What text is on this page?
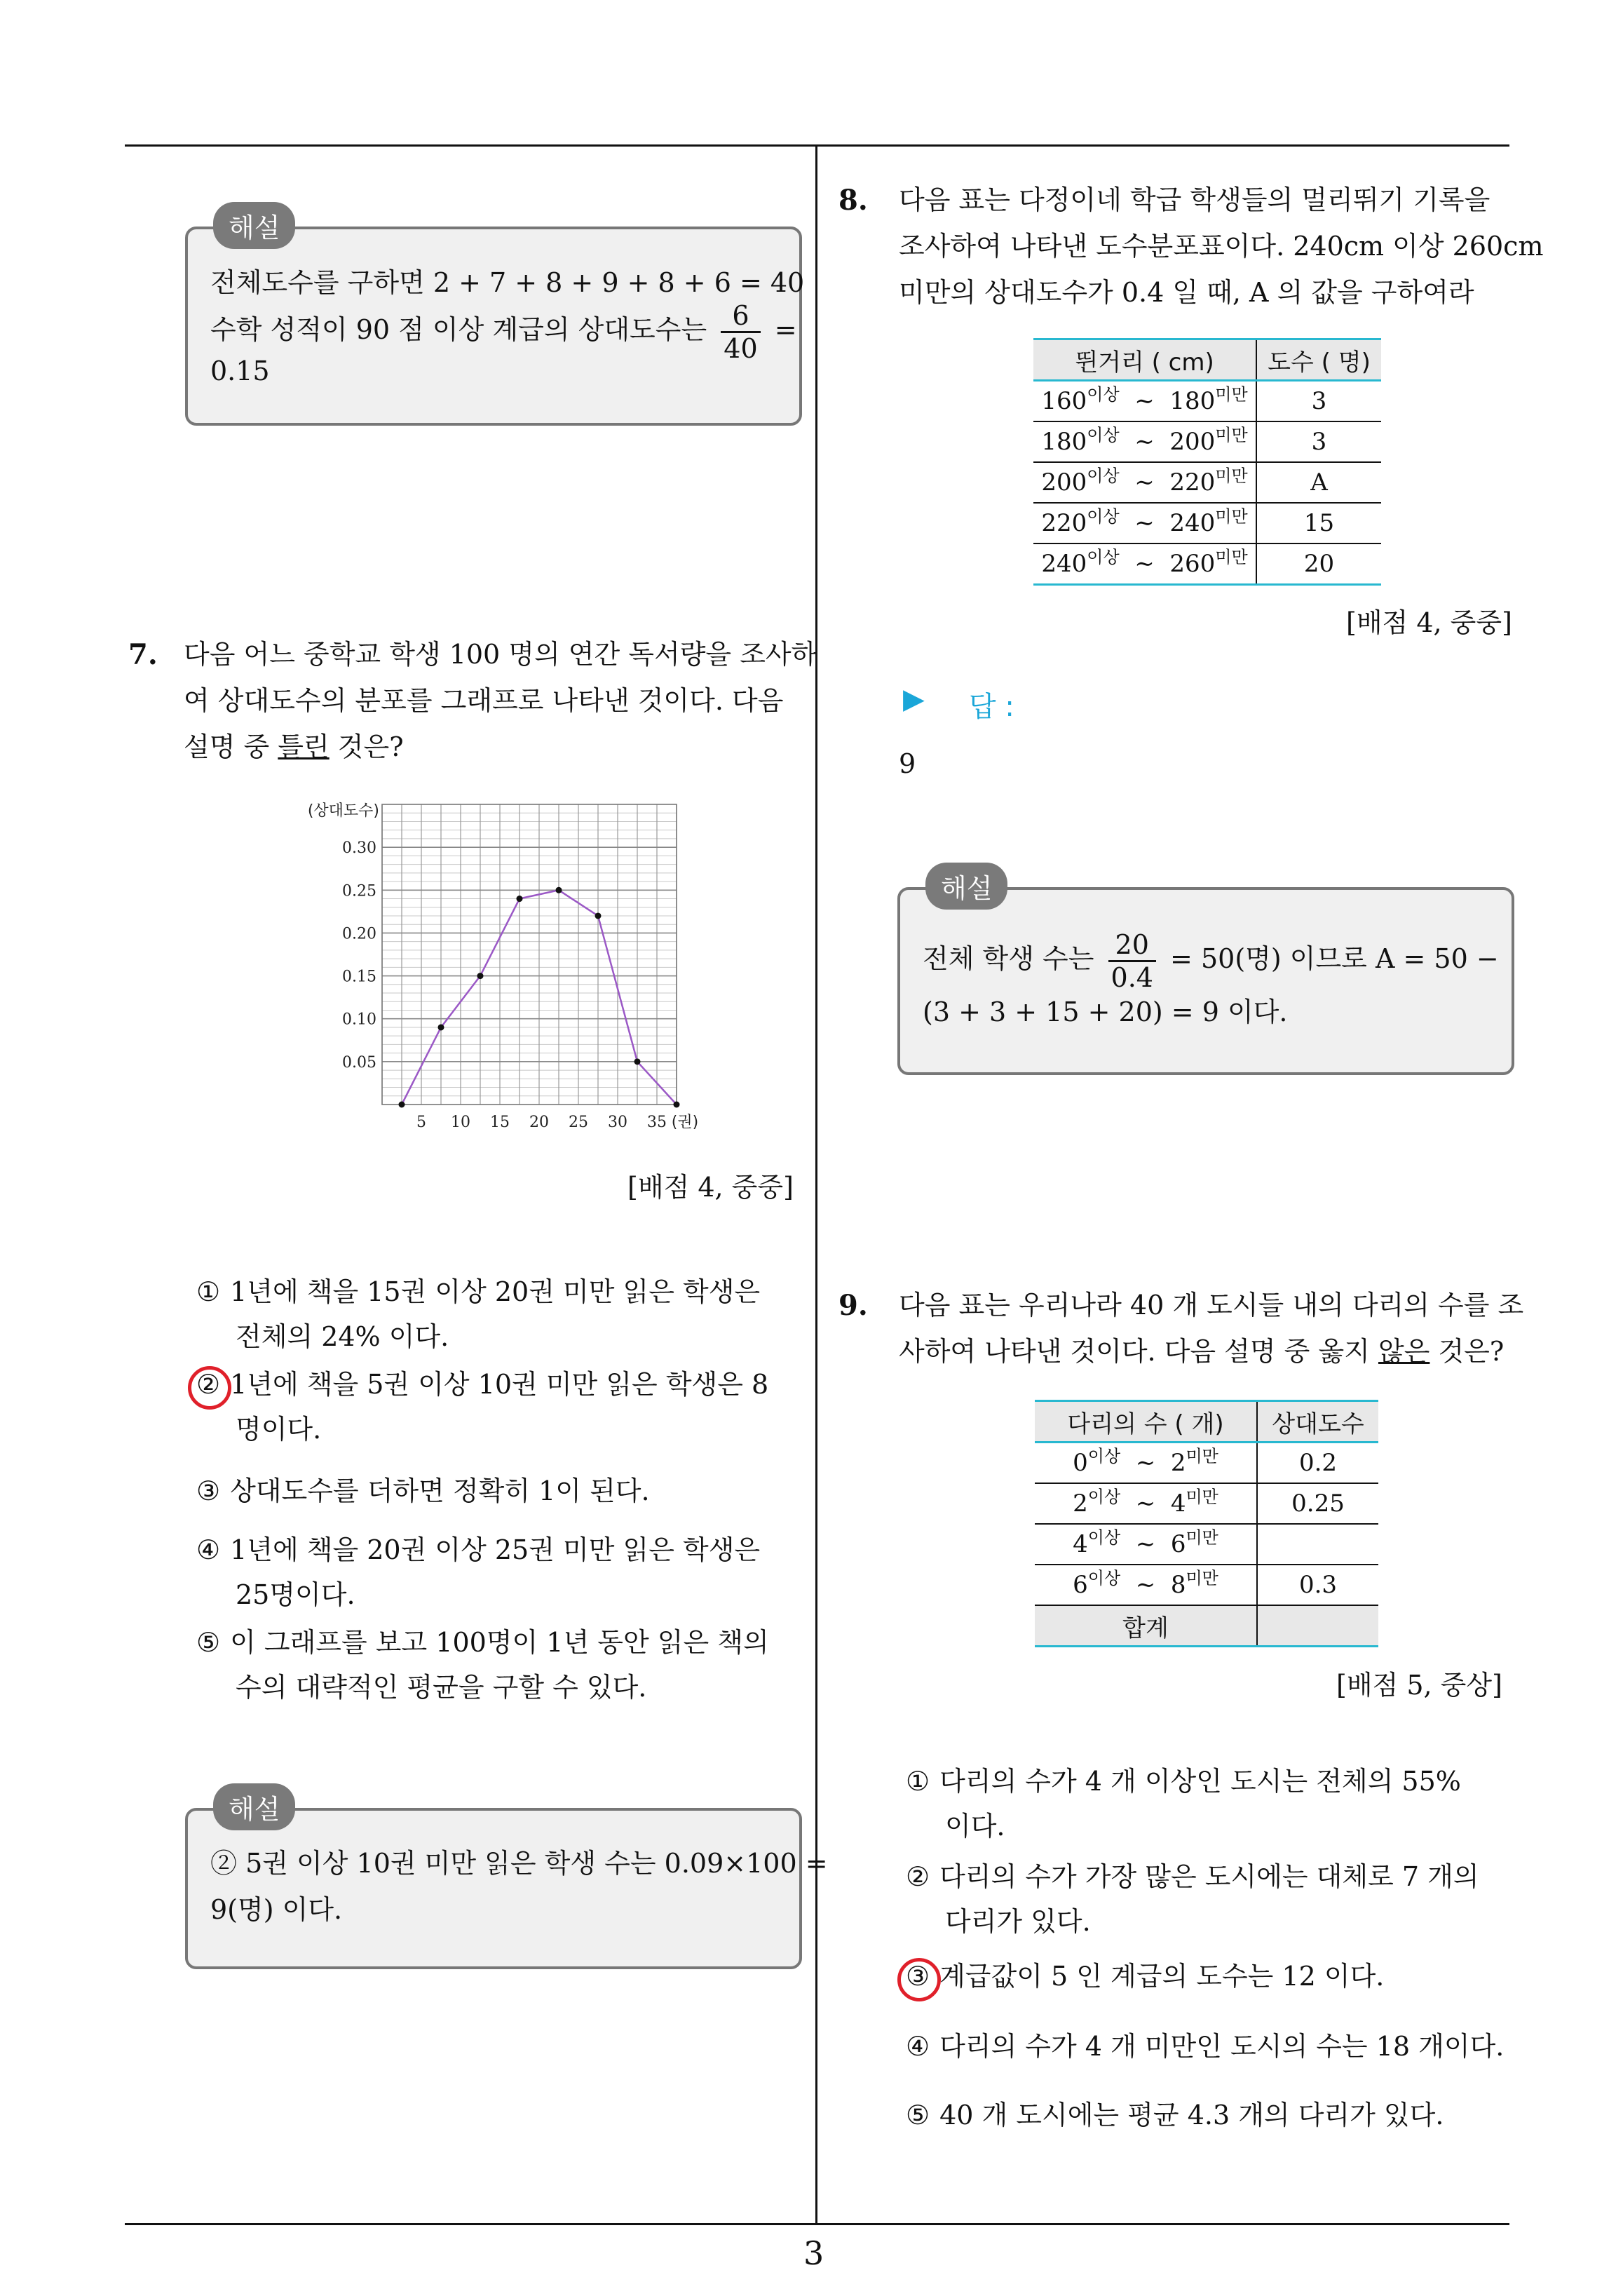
3
해설
전체도수를 구하면 2 + 7 + 8 + 9 + 8 + 6 = 40
수학 성적이 90 점 이상 계급의 상대도수는 $\frac{6}{40}$ =
0.15
7. 다음 어느 중학교 학생 100 명의 연간 독서량을 조사하
여 상대도수의 분포를 그래프로 나타낸 것이다. 다음
설명 중 틀린 것은?
0.30
0.25
0.20
0.15
0.10
0.05
(상대도수)
5 10 15 20 25 30 35 (권)
[배점 4, 중중]
① 1년에 책을 15권 이상 20권 미만 읽은 학생은
전체의 24% 이다.
② 1년에 책을 5권 이상 10권 미만 읽은 학생은 8
명이다.
③ 상대도수를 더하면 정확히 1이 된다.
④ 1년에 책을 20권 이상 25권 미만 읽은 학생은
25명이다.
⑤ 이 그래프를 보고 100명이 1년 동안 읽은 책의
수의 대략적인 평균을 구할 수 있다.
해설
② 5권 이상 10권 미만 읽은 학생 수는 0.09×100 =
9(명) 이다.
8. 다음 표는 다정이네 학급 학생들의 멀리뛰기 기록을
조사하여 나타낸 도수분포표이다. 240cm 이상 260cm
미만의 상대도수가 0.4 일 때, A 의 값을 구하여라
뛴거리 ( cm)	도수 ( 명)
$160^{이상}$  ∼  $180^{미만}$	3
$180^{이상}$  ∼  $200^{미만}$	3
$200^{이상}$  ∼  $220^{미만}$	A
$220^{이상}$  ∼  $240^{미만}$	15
$240^{이상}$  ∼  $260^{미만}$	20
[배점 4, 중중]
▶ 답 :
9
해설
전체 학생 수는 $\frac{20}{0.4} = 50$(명) 이므로 A = 50 −
(3 + 3 + 15 + 20) = 9 이다.
9. 다음 표는 우리나라 40 개 도시들 내의 다리의 수를 조
사하여 나타낸 것이다. 다음 설명 중 옳지 않은 것은?
다리의 수 ( 개)	상대도수
$0^{이상}$  ∼  $2^{미만}$	0.2
$2^{이상}$  ∼  $4^{미만}$	0.25
$4^{이상}$  ∼  $6^{미만}$	
$6^{이상}$  ∼  $8^{미만}$	0.3
합계	
[배점 5, 중상]
① 다리의 수가 4 개 이상인 도시는 전체의 55%
이다.
② 다리의 수가 가장 많은 도시에는 대체로 7 개의
다리가 있다.
③ 계급값이 5 인 계급의 도수는 12 이다.
④ 다리의 수가 4 개 미만인 도시의 수는 18 개이다.
⑤ 40 개 도시에는 평균 4.3 개의 다리가 있다.
